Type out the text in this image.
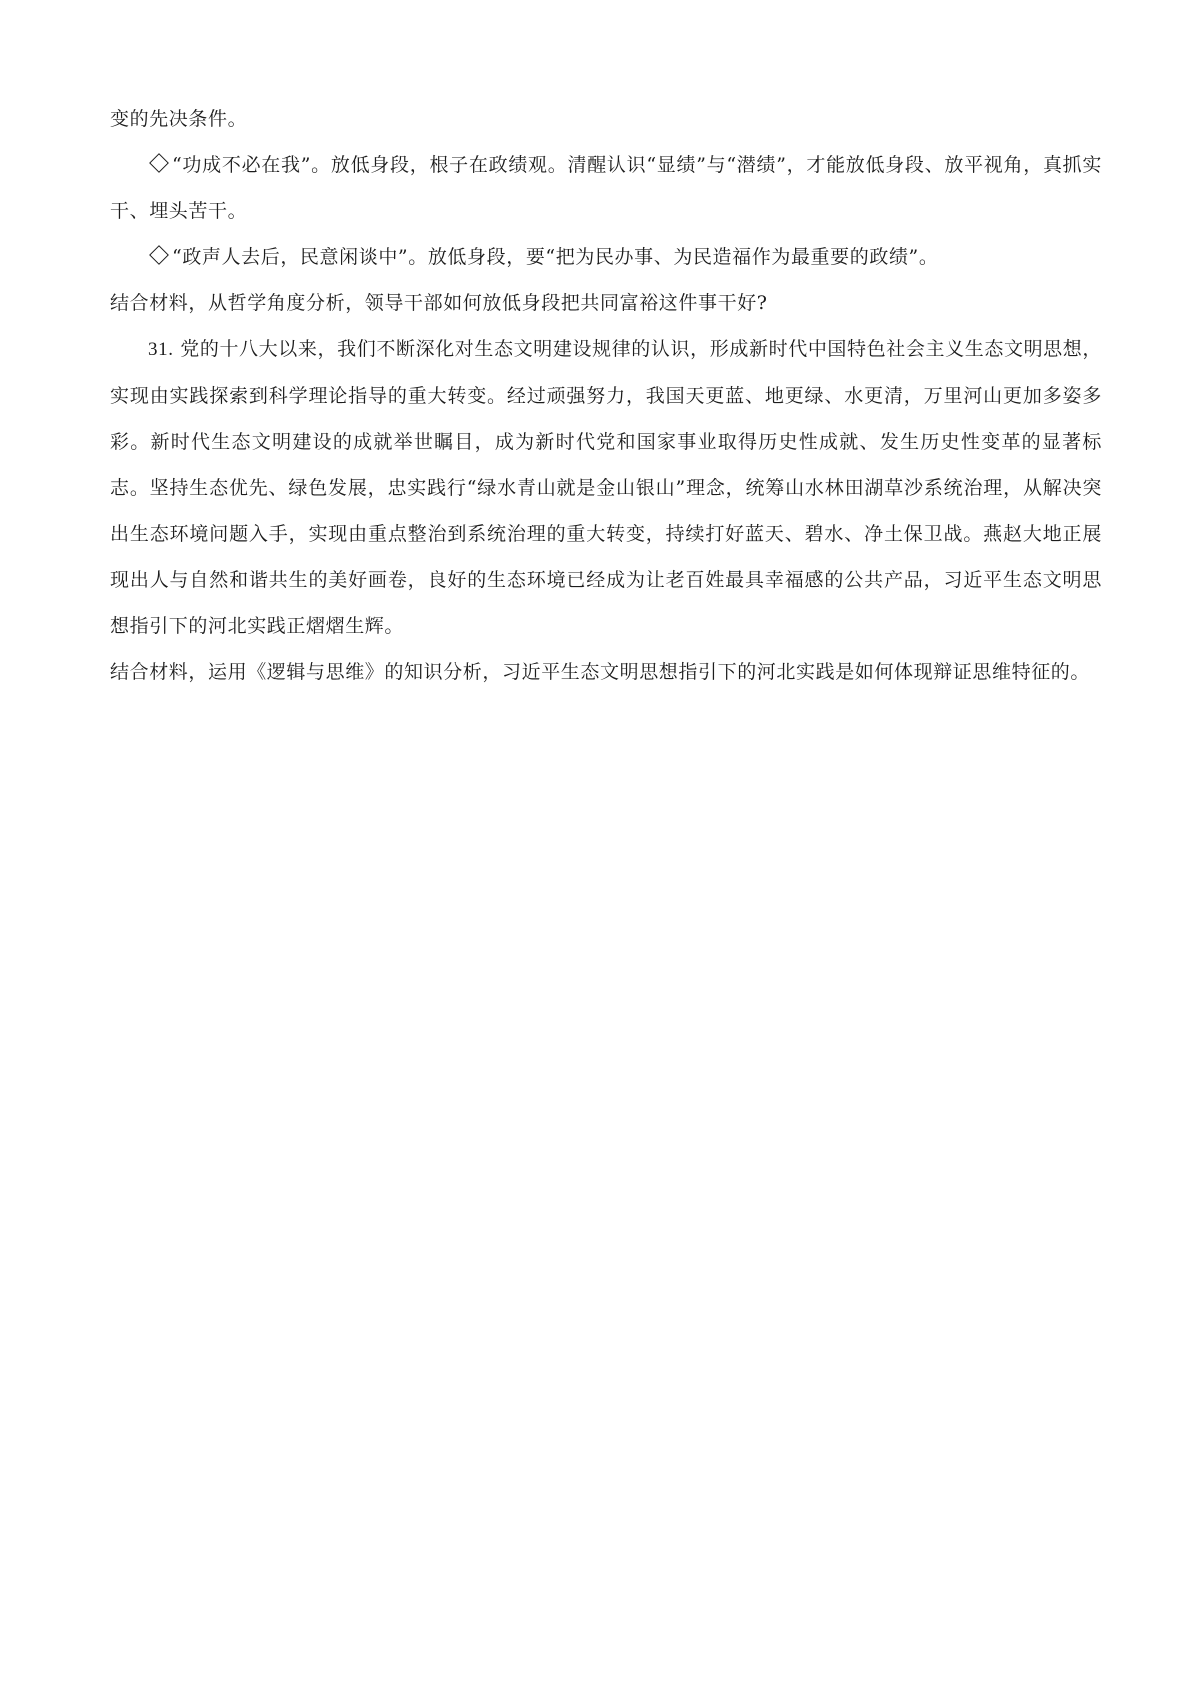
变的先决条件。

“功成不必在我”。放低身段，根子在政绩观。清醒认识“显绩”与“潜绩”，才能放低身段、放平视角，真抓实干、埋头苦干。

“政声人去后，民意闲谈中”。放低身段，要“把为民办事、为民造福作为最重要的政绩”。

结合材料，从哲学角度分析，领导干部如何放低身段把共同富裕这件事干好?

31. 党的十八大以来，我们不断深化对生态文明建设规律的认识，形成新时代中国特色社会主义生态文明思想，实现由实践探索到科学理论指导的重大转变。经过顽强努力，我国天更蓝、地更绿、水更清，万里河山更加多姿多彩。新时代生态文明建设的成就举世瞩目，成为新时代党和国家事业取得历史性成就、发生历史性变革的显著标志。坚持生态优先、绿色发展，忠实践行“绿水青山就是金山银山”理念，统筹山水林田湖草沙系统治理，从解决突出生态环境问题入手，实现由重点整治到系统治理的重大转变，持续打好蓝天、碧水、净土保卫战。燕赵大地正展现出人与自然和谐共生的美好画卷，良好的生态环境已经成为让老百姓最具幸福感的公共产品，习近平生态文明思想指引下的河北实践正熠熠生辉。

结合材料，运用《逻辑与思维》的知识分析，习近平生态文明思想指引下的河北实践是如何体现辩证思维特征的。
